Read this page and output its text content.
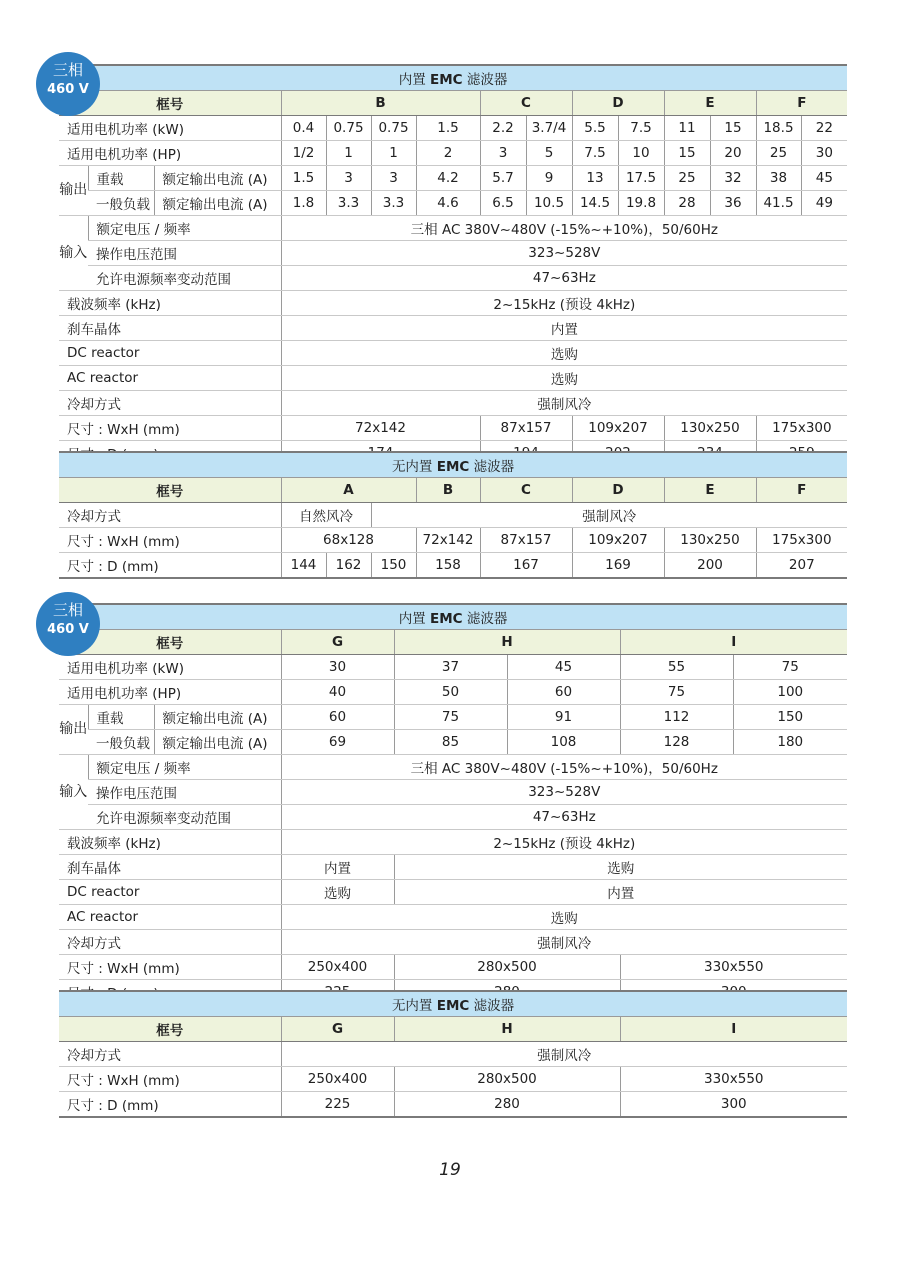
三相
460 V
内置 EMC 滤波器														
框号			B				C		D		E		F	
适用电机功率 (kW)			0.4	0.75	0.75	1.5	2.2	3.7/4	5.5	7.5	11	15	18.5	22
适用电机功率 (HP)			1/2	1	1	2	3	5	7.5	10	15	20	25	30
输出	重载	额定输出电流 (A)	1.5	3	3	4.2	5.7	9	13	17.5	25	32	38	45
	一般负载	额定输出电流 (A)	1.8	3.3	3.3	4.6	6.5	10.5	14.5	19.8	28	36	41.5	49
输入	额定电压 / 频率		三相 AC 380V~480V (-15%~+10%)，50/60Hz											
	操作电压范围		323~528V											
	允许电源频率变动范围		47~63Hz											
载波频率 (kHz)			2~15kHz (预设 4kHz)											
刹车晶体			内置											
DC reactor			选购											
AC reactor			选购											
冷却方式			强制风冷											
尺寸 : WxH (mm)			72x142				87x157		109x207		130x250		175x300	

无内置 EMC 滤波器								
框号	A			B	C	D	E	F
冷却方式	自然风冷		强制风冷					
尺寸 : WxH (mm)	68x128			72x142	87x157	109x207	130x250	175x300
尺寸 : D (mm)	144	162	150	158	167	169	200	207
三相
460 V
内置 EMC 滤波器							
框号			G	H		I	
适用电机功率 (kW)			30	37	45	55	75
适用电机功率 (HP)			40	50	60	75	100
输出	重载	额定输出电流 (A)	60	75	91	112	150
	一般负载	额定输出电流 (A)	69	85	108	128	180
输入	额定电压 / 频率		三相 AC 380V~480V (-15%~+10%)，50/60Hz				
	操作电压范围		323~528V				
	允许电源频率变动范围		47~63Hz				
载波频率 (kHz)			2~15kHz (预设 4kHz)				
刹车晶体			内置	选购			
DC reactor			选购	内置			
AC reactor			选购				
冷却方式			强制风冷				
尺寸 : WxH (mm)			250x400	280x500		330x550	

无内置 EMC 滤波器			
框号	G	H	I
冷却方式	强制风冷		
尺寸 : WxH (mm)	250x400	280x500	330x550
尺寸 : D (mm)	225	280	300
19
